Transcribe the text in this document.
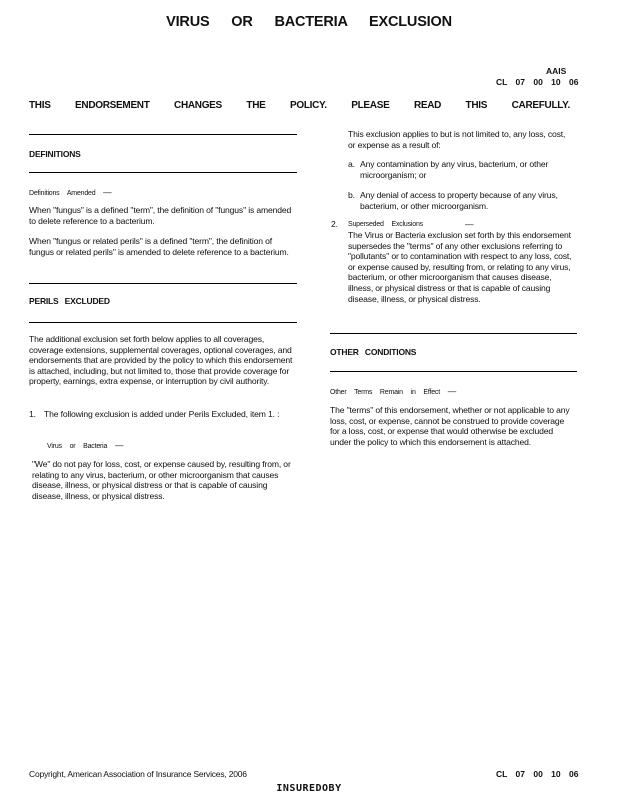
VIRUS OR BACTERIA EXCLUSION
AAIS
CL 07 00 10 06
THIS ENDORSEMENT CHANGES THE POLICY. PLEASE READ THIS CAREFULLY.
DEFINITIONS
Definitions Amended —

When "fungus" is a defined "term", the definition of "fungus" is amended to delete reference to a bacterium.

When "fungus or related perils" is a defined "term", the definition of fungus or related perils" is amended to delete reference to a bacterium.

PERILS EXCLUDED

The additional exclusion set forth below applies to all coverages, coverage extensions, supplemental coverages, optional coverages, and endorsements that are provided by the policy to which this endorsement is attached, including, but not limited to, those that provide coverage for property, earnings, extra expense, or interruption by civil authority.

1. The following exclusion is added under Perils Excluded, item 1. :
Virus or Bacteria —
"We" do not pay for loss, cost, or expense caused by, resulting from, or relating to any virus, bacterium, or other microorganism that causes disease, illness, or physical distress or that is capable of causing disease, illness, or physical distress.
This exclusion applies to but is not limited to, any loss, cost, or expense as a result of:
a. Any contamination by any virus, bacterium, or other microorganism; or
b. Any denial of access to property because of any virus, bacterium, or other microorganism.
2. Superseded Exclusions	—
The Virus or Bacteria exclusion set forth by this endorsement supersedes the "terms" of any other exclusions referring to "pollutants" or to contamination with respect to any loss, cost, or expense caused by, resulting from, or relating to any virus, bacterium, or other microorganism that causes disease, illness, or physical distress or that is capable of causing disease, illness, or physical distress.
OTHER CONDITIONS
Other Terms Remain in Effect —
The "terms" of this endorsement, whether or not applicable to any loss, cost, or expense, cannot be construed to provide coverage for a loss, cost, or expense that would otherwise be excluded under the policy to which this endorsement is attached.
Copyright, American Association of Insurance Services, 2006	CL 07 00 10 06
INSUREDOBY
